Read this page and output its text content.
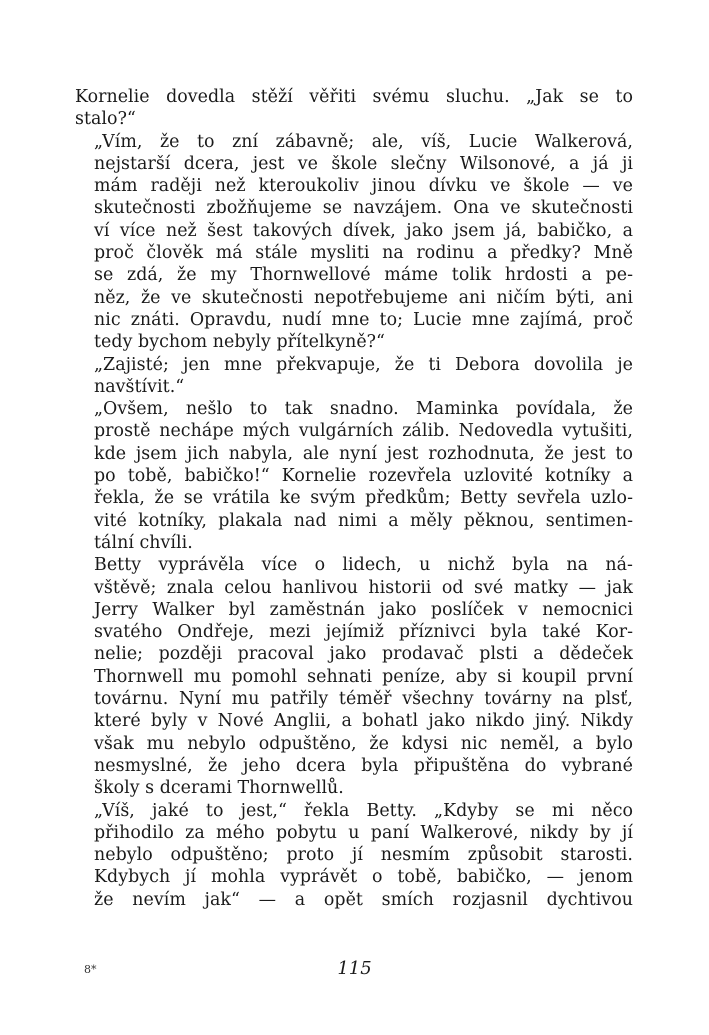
Kornelie dovedla stěží věřiti svému sluchu. „Jak se to
stalo?“

„Vím, že to zní zábavně; ale, víš, Lucie Walkerová,
nejstarší dcera, jest ve škole slečny Wilsonové, a já ji
mám raději než kteroukoliv jinou dívku ve škole — ve
skutečnosti zbožňujeme se navzájem. Ona ve skutečnosti
ví více než šest takových dívek, jako jsem já, babičko, a
proč člověk má stále mysliti na rodinu a předky? Mně
se zdá, že my Thornwellové máme tolik hrdosti a pe-
něz, že ve skutečnosti nepotřebujeme ani ničím býti, ani
nic znáti. Opravdu, nudí mne to; Lucie mne zajímá, proč
tedy bychom nebyly přítelkyně?“

„Zajisté; jen mne překvapuje, že ti Debora dovolila je
navštívit.“

„Ovšem, nešlo to tak snadno. Maminka povídala, že
prostě nechápe mých vulgárních zálib. Nedovedla vytušiti,
kde jsem jich nabyla, ale nyní jest rozhodnuta, že jest to
po tobě, babičko!“ Kornelie rozevřela uzlovité kotníky a
řekla, že se vrátila ke svým předkům; Betty sevřela uzlo-
vité kotníky, plakala nad nimi a měly pěknou, sentimen-
tální chvíli.

Betty vyprávěla více o lidech, u nichž byla na ná-
vštěvě; znala celou hanlivou historii od své matky — jak
Jerry Walker byl zaměstnán jako poslíček v nemocnici
svatého Ondřeje, mezi jejímiž příznivci byla také Kor-
nelie; později pracoval jako prodavač plsti a dědeček
Thornwell mu pomohl sehnati peníze, aby si koupil první
továrnu. Nyní mu patřily téměř všechny továrny na plsť,
které byly v Nové Anglii, a bohatl jako nikdo jiný. Nikdy
však mu nebylo odpuštěno, že kdysi nic neměl, a bylo
nesmyslné, že jeho dcera byla připuštěna do vybrané
školy s dcerami Thornwellů.

„Víš, jaké to jest,“ řekla Betty. „Kdyby se mi něco
přihodilo za mého pobytu u paní Walkerové, nikdy by jí
nebylo odpuštěno; proto jí nesmím způsobit starosti.
Kdybych jí mohla vyprávět o tobě, babičko, — jenom
že nevím jak“ — a opět smích rozjasnil dychtivou

8*	115
